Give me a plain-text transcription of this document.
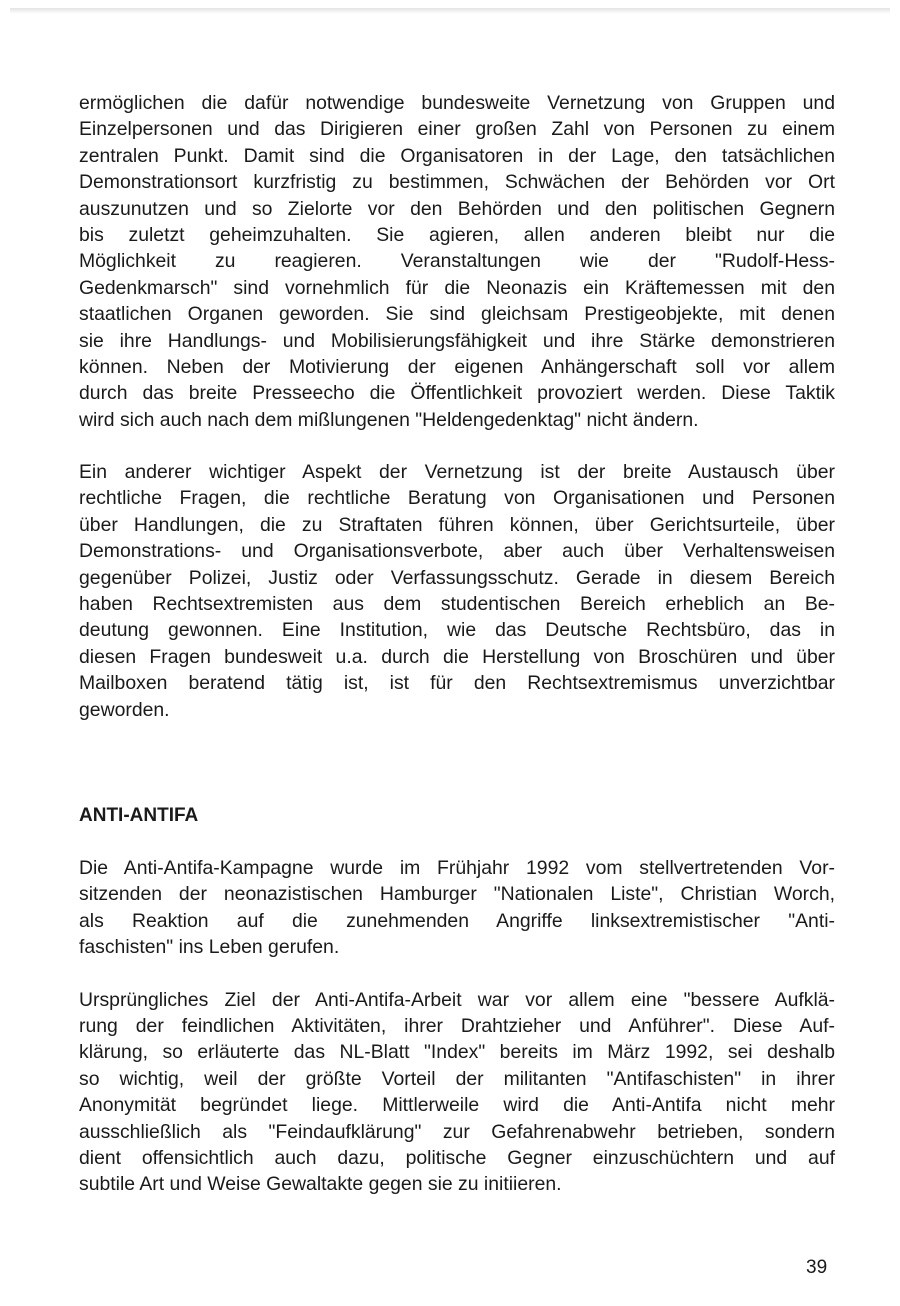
ermöglichen die dafür notwendige bundesweite Vernetzung von Gruppen und
Einzelpersonen und das Dirigieren einer großen Zahl von Personen zu einem
zentralen Punkt. Damit sind die Organisatoren in der Lage, den tatsächlichen
Demonstrationsort kurzfristig zu bestimmen, Schwächen der Behörden vor Ort
auszunutzen und so Zielorte vor den Behörden und den politischen Gegnern
bis zuletzt geheimzuhalten. Sie agieren, allen anderen bleibt nur die
Möglichkeit zu reagieren. Veranstaltungen wie der "Rudolf-Hess-
Gedenkmarsch" sind vornehmlich für die Neonazis ein Kräftemessen mit den
staatlichen Organen geworden. Sie sind gleichsam Prestigeobjekte, mit denen
sie ihre Handlungs- und Mobilisierungsfähigkeit und ihre Stärke demonstrieren
können. Neben der Motivierung der eigenen Anhängerschaft soll vor allem
durch das breite Presseecho die Öffentlichkeit provoziert werden. Diese Taktik
wird sich auch nach dem mißlungenen "Heldengedenktag" nicht ändern.
Ein anderer wichtiger Aspekt der Vernetzung ist der breite Austausch über
rechtliche Fragen, die rechtliche Beratung von Organisationen und Personen
über Handlungen, die zu Straftaten führen können, über Gerichtsurteile, über
Demonstrations- und Organisationsverbote, aber auch über Verhaltensweisen
gegenüber Polizei, Justiz oder Verfassungsschutz. Gerade in diesem Bereich
haben Rechtsextremisten aus dem studentischen Bereich erheblich an Be-
deutung gewonnen. Eine Institution, wie das Deutsche Rechtsbüro, das in
diesen Fragen bundesweit u.a. durch die Herstellung von Broschüren und über
Mailboxen beratend tätig ist, ist für den Rechtsextremismus unverzichtbar
geworden.
ANTI-ANTIFA
Die Anti-Antifa-Kampagne wurde im Frühjahr 1992 vom stellvertretenden Vor-
sitzenden der neonazistischen Hamburger "Nationalen Liste", Christian Worch,
als Reaktion auf die zunehmenden Angriffe linksextremistischer "Anti-
faschisten" ins Leben gerufen.
Ursprüngliches Ziel der Anti-Antifa-Arbeit war vor allem eine "bessere Aufklä-
rung der feindlichen Aktivitäten, ihrer Drahtzieher und Anführer". Diese Auf-
klärung, so erläuterte das NL-Blatt "Index" bereits im März 1992, sei deshalb
so wichtig, weil der größte Vorteil der militanten "Antifaschisten" in ihrer
Anonymität begründet liege. Mittlerweile wird die Anti-Antifa nicht mehr
ausschließlich als "Feindaufklärung" zur Gefahrenabwehr betrieben, sondern
dient offensichtlich auch dazu, politische Gegner einzuschüchtern und auf
subtile Art und Weise Gewaltakte gegen sie zu initiieren.
39
